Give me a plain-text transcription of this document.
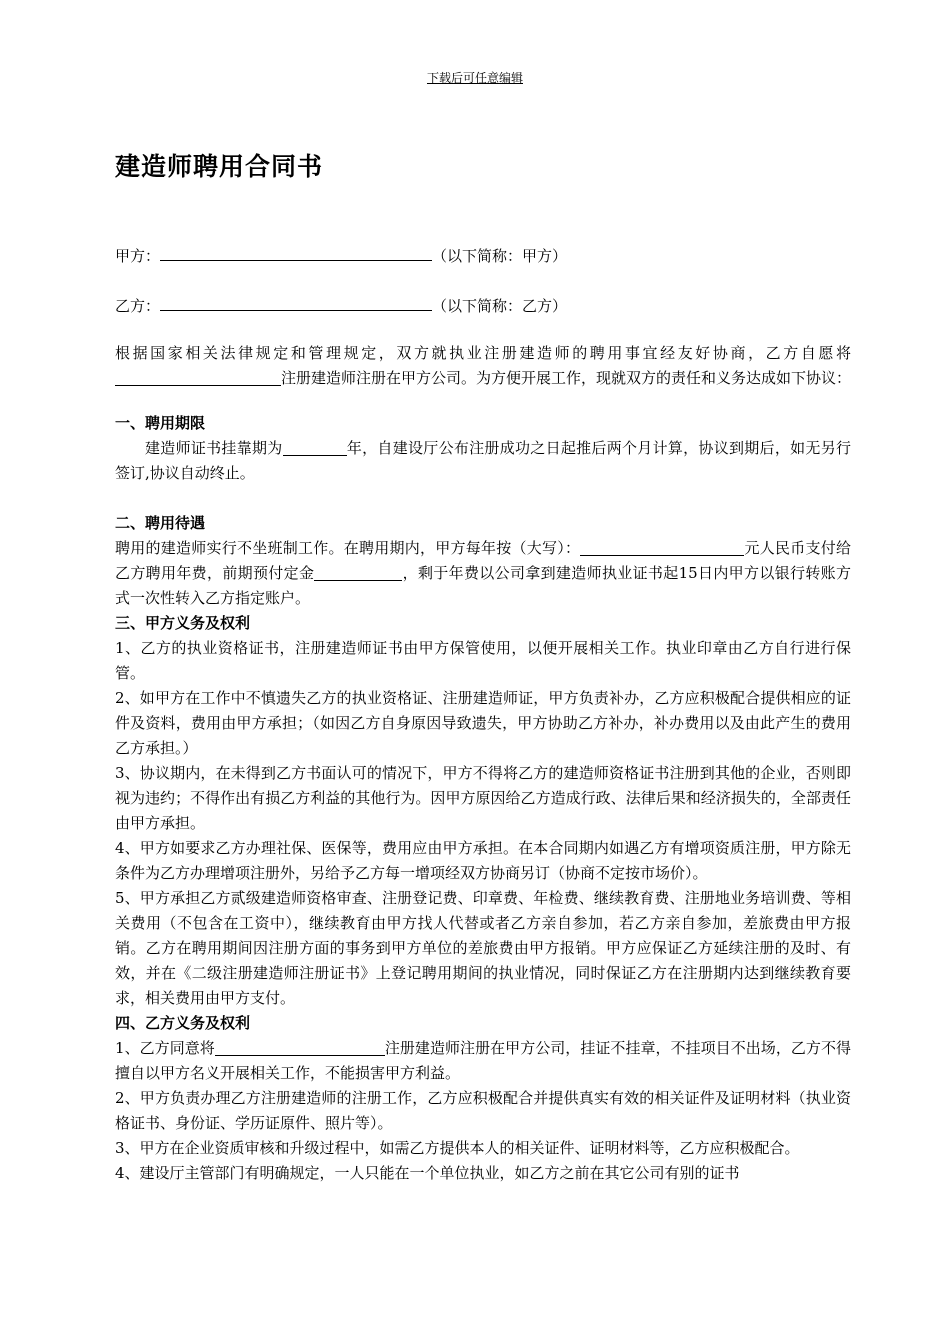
下载后可任意编辑
建造师聘用合同书
甲方：	（以下简称：甲方）
乙方：	（以下简称：乙方）

根据国家相关法律规定和管理规定，双方就执业注册建造师的聘用事宜经友好协商，乙方自愿将注册建造师注册在甲方公司。为方便开展工作，现就双方的责任和义务达成如下协议：

一、聘用期限

建造师证书挂靠期为	年，自建设厅公布注册成功之日起推后两个月计算，协议到期后，如无另行签订,协议自动终止。

二、聘用待遇

聘用的建造师实行不坐班制工作。在聘用期内，甲方每年按（大写）：	元人民币支付给乙方聘用年费，前期预付定金	，剩于年费以公司拿到建造师执业证书起15日内甲方以银行转账方式一次性转入乙方指定账户。

三、甲方义务及权利

1、乙方的执业资格证书，注册建造师证书由甲方保管使用，以便开展相关工作。执业印章由乙方自行进行保管。

2、如甲方在工作中不慎遗失乙方的执业资格证、注册建造师证，甲方负责补办，乙方应积极配合提供相应的证件及资料，费用由甲方承担；（如因乙方自身原因导致遗失，甲方协助乙方补办，补办费用以及由此产生的费用乙方承担。）

3、协议期内，在未得到乙方书面认可的情况下，甲方不得将乙方的建造师资格证书注册到其他的企业，否则即视为违约；不得作出有损乙方利益的其他行为。因甲方原因给乙方造成行政、法律后果和经济损失的，全部责任由甲方承担。

4、甲方如要求乙方办理社保、医保等，费用应由甲方承担。在本合同期内如遇乙方有增项资质注册，甲方除无条件为乙方办理增项注册外，另给予乙方每一增项经双方协商另订（协商不定按市场价）。

5、甲方承担乙方贰级建造师资格审查、注册登记费、印章费、年检费、继续教育费、注册地业务培训费、等相关费用（不包含在工资中），继续教育由甲方找人代替或者乙方亲自参加，若乙方亲自参加，差旅费由甲方报销。乙方在聘用期间因注册方面的事务到甲方单位的差旅费由甲方报销。甲方应保证乙方延续注册的及时、有效，并在《二级注册建造师注册证书》上登记聘用期间的执业情况，同时保证乙方在注册期内达到继续教育要求，相关费用由甲方支付。

四、乙方义务及权利

1、乙方同意将	注册建造师注册在甲方公司，挂证不挂章，不挂项目不出场，乙方不得擅自以甲方名义开展相关工作，不能损害甲方利益。

2、甲方负责办理乙方注册建造师的注册工作，乙方应积极配合并提供真实有效的相关证件及证明材料（执业资格证书、身份证、学历证原件、照片等）。

3、甲方在企业资质审核和升级过程中，如需乙方提供本人的相关证件、证明材料等，乙方应积极配合。

4、建设厅主管部门有明确规定，一人只能在一个单位执业，如乙方之前在其它公司有别的证书
